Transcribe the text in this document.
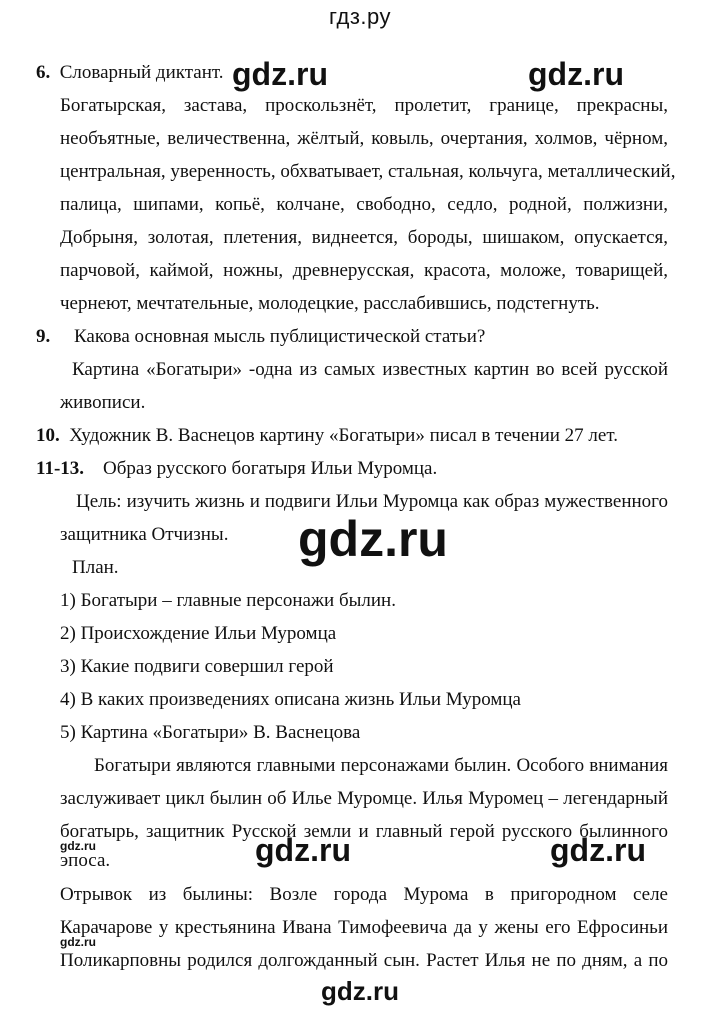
гдз.ру
6. Словарный диктант. gdz.ru	gdz.ru
Богатырская, застава, проскользнёт, пролетит, границе, прекрасны,
необъятные, величественна, жёлтый, ковыль, очертания, холмов, чёрном,
центральная, уверенность, обхватывает, стальная, кольчуга, металлический,
палица, шипами, копьё, колчане, свободно, седло, родной, полжизни,
Добрыня, золотая, плетения, виднеется, бороды, шишаком, опускается,
парчовой, каймой, ножны, древнерусская, красота, моложе, товарищей,
чернеют, мечтательные, молодецкие, расслабившись, подстегнуть.
9. Какова основная мысль публицистической статьи?
Картина «Богатыри» -одна из самых известных картин во всей русской
живописи.
10. Художник В. Васнецов картину «Богатыри» писал в течении 27 лет.
11-13. Образ русского богатыря Ильи Муромца.
Цель: изучить жизнь и подвиги Ильи Муромца как образ мужественного
защитника Отчизны. gdz.ru
План.
1) Богатыри – главные персонажи былин.
2) Происхождение Ильи Муромца
3) Какие подвиги совершил герой
4) В каких произведениях описана жизнь Ильи Муромца
5) Картина «Богатыри» В. Васнецова
Богатыри являются главными персонажами былин. Особого внимания
заслуживает цикл былин об Илье Муромце. Илья Муромец – легендарный
богатырь, защитник Русской земли и главный герой русского былинного
gdz.ru
эпоса.	gdz.ru	gdz.ru
Отрывок из былины: Возле города Мурома в пригородном селе
Карачарове у крестьянина Ивана Тимофеевича да у жены его Ефросиньи
gdz.ru
Поликарповны родился долгожданный сын. Растет Илья не по дням, а по
gdz.ru
